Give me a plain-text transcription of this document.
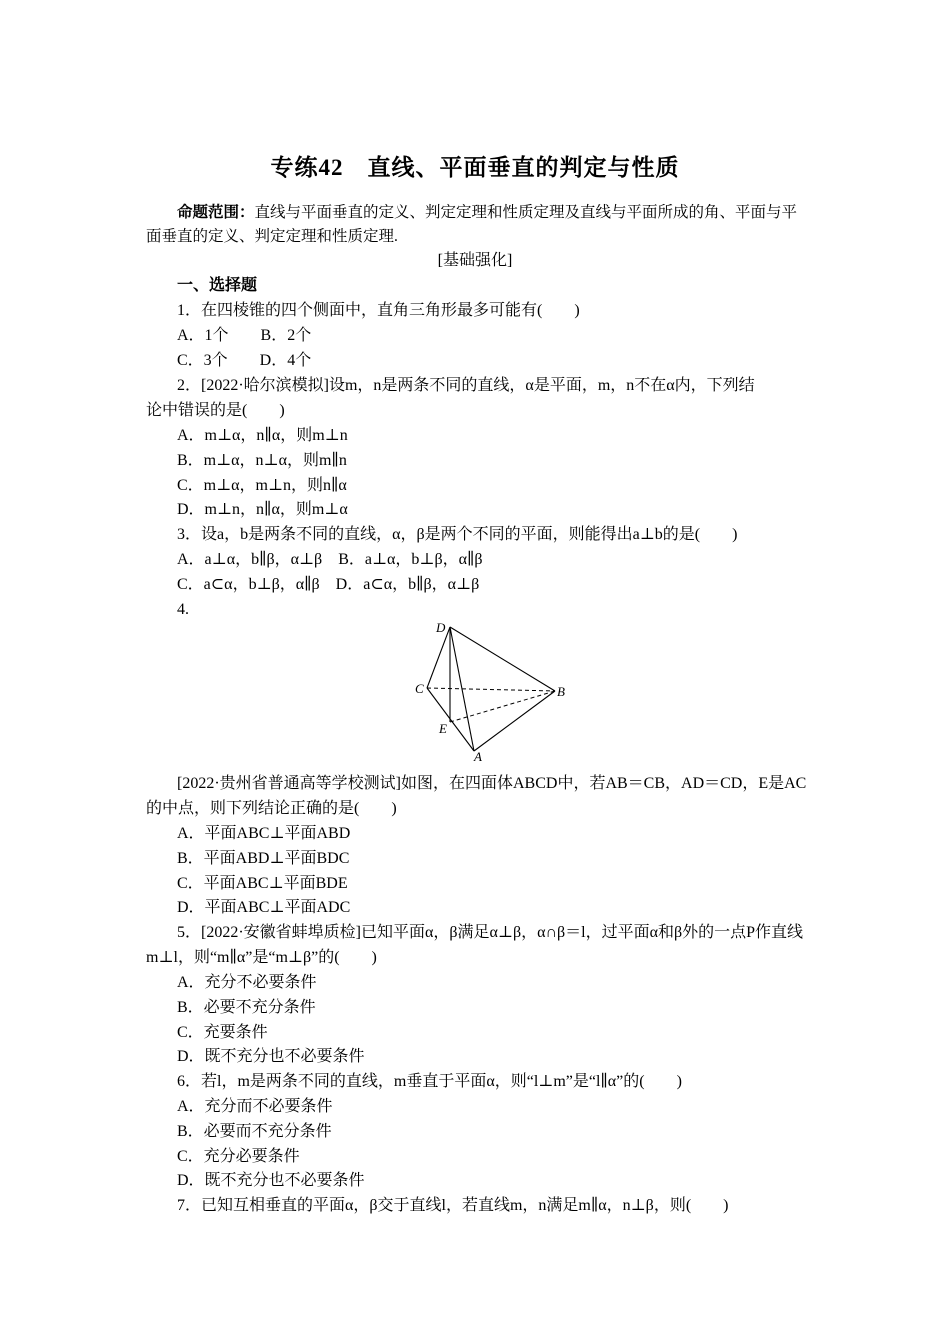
专练42　直线、平面垂直的判定与性质
命题范围：直线与平面垂直的定义、判定定理和性质定理及直线与平面所成的角、平面与平面垂直的定义、判定定理和性质定理.
[基础强化]
一、选择题
1．在四棱锥的四个侧面中，直角三角形最多可能有(　　)
A．1个　　B．2个
C．3个　　D．4个
2．[2022·哈尔滨模拟]设m，n是两条不同的直线，α是平面，m，n不在α内，下列结
论中错误的是(　　)
A．m⊥α，n∥α，则m⊥n
B．m⊥α，n⊥α，则m∥n
C．m⊥α，m⊥n，则n∥α
D．m⊥n，n∥α，则m⊥α
3．设a，b是两条不同的直线，α，β是两个不同的平面，则能得出a⊥b的是(　　)
A．a⊥α，b∥β，α⊥β　B．a⊥α，b⊥β，α∥β
C．a⊂α，b⊥β，α∥β　D．a⊂α，b∥β，α⊥β
4.
D
C	B
E
A
[2022·贵州省普通高等学校测试]如图，在四面体ABCD中，若AB＝CB，AD＝CD，E是AC的中点，则下列结论正确的是(　　)
A．平面ABC⊥平面ABD
B．平面ABD⊥平面BDC
C．平面ABC⊥平面BDE
D．平面ABC⊥平面ADC
5．[2022·安徽省蚌埠质检]已知平面α，β满足α⊥β，α∩β＝l，过平面α和β外的一点P作直线m⊥l，则“m∥α”是“m⊥β”的(　　)
A．充分不必要条件
B．必要不充分条件
C．充要条件
D．既不充分也不必要条件
6．若l，m是两条不同的直线，m垂直于平面α，则“l⊥m”是“l∥α”的(　　)
A．充分而不必要条件
B．必要而不充分条件
C．充分必要条件
D．既不充分也不必要条件
7．已知互相垂直的平面α，β交于直线l，若直线m，n满足m∥α，n⊥β，则(　　)
